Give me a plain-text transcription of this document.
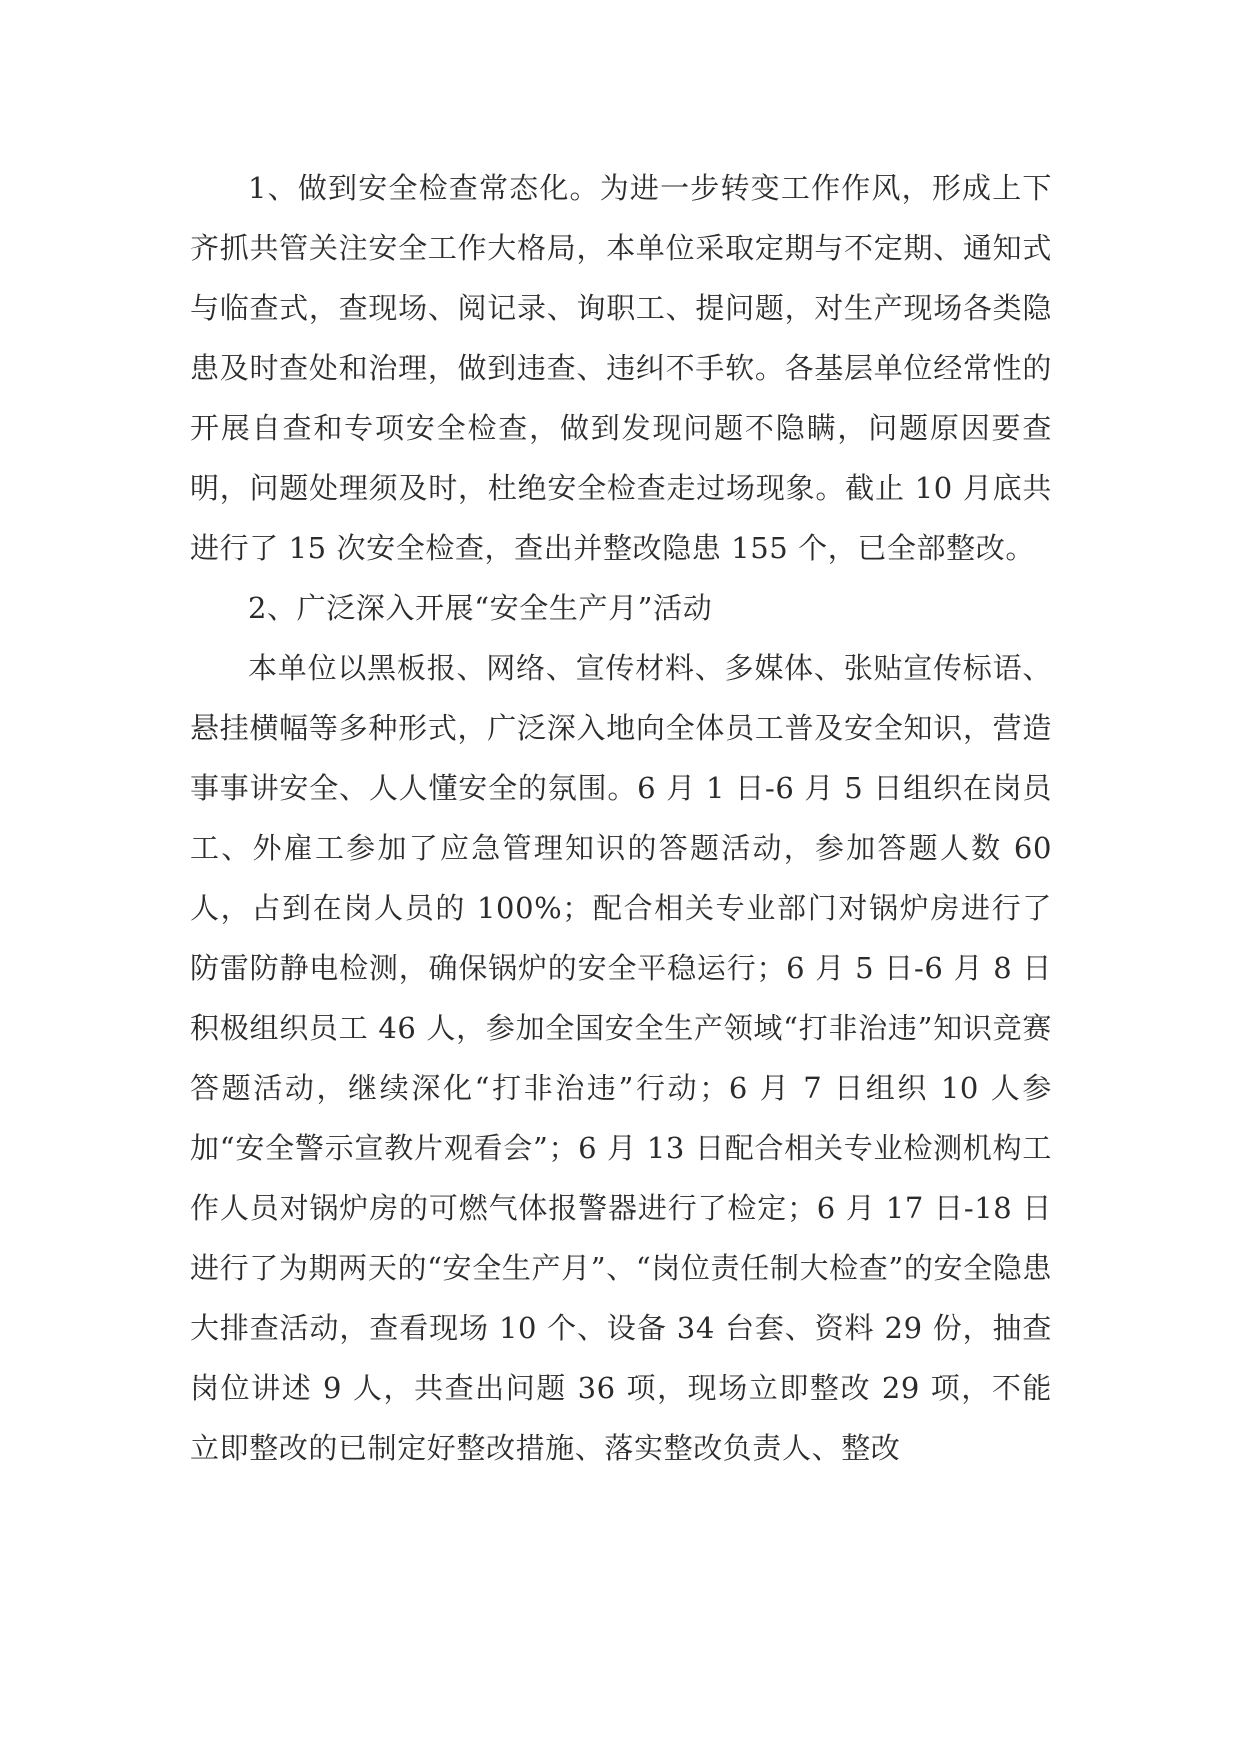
1、做到安全检查常态化。为进一步转变工作作风，形成上下齐抓共管关注安全工作大格局，本单位采取定期与不定期、通知式与临查式，查现场、阅记录、询职工、提问题，对生产现场各类隐患及时查处和治理，做到违查、违纠不手软。各基层单位经常性的开展自查和专项安全检查，做到发现问题不隐瞒，问题原因要查明，问题处理须及时，杜绝安全检查走过场现象。截止 10 月底共进行了 15 次安全检查，查出并整改隐患 155 个，已全部整改。

2、广泛深入开展“安全生产月”活动

本单位以黑板报、网络、宣传材料、多媒体、张贴宣传标语、悬挂横幅等多种形式，广泛深入地向全体员工普及安全知识，营造事事讲安全、人人懂安全的氛围。6 月 1 日-6 月 5 日组织在岗员工、外雇工参加了应急管理知识的答题活动，参加答题人数 60 人，占到在岗人员的 100%；配合相关专业部门对锅炉房进行了防雷防静电检测，确保锅炉的安全平稳运行；6 月 5 日-6 月 8 日积极组织员工 46 人，参加全国安全生产领域“打非治违”知识竞赛答题活动，继续深化“打非治违”行动；6 月 7 日组织 10 人参加“安全警示宣教片观看会”；6 月 13 日配合相关专业检测机构工作人员对锅炉房的可燃气体报警器进行了检定；6 月 17 日-18 日进行了为期两天的“安全生产月”、“岗位责任制大检查”的安全隐患大排查活动，查看现场 10 个、设备 34 台套、资料 29 份，抽查岗位讲述 9 人，共查出问题 36 项，现场立即整改 29 项，不能立即整改的已制定好整改措施、落实整改负责人、整改
